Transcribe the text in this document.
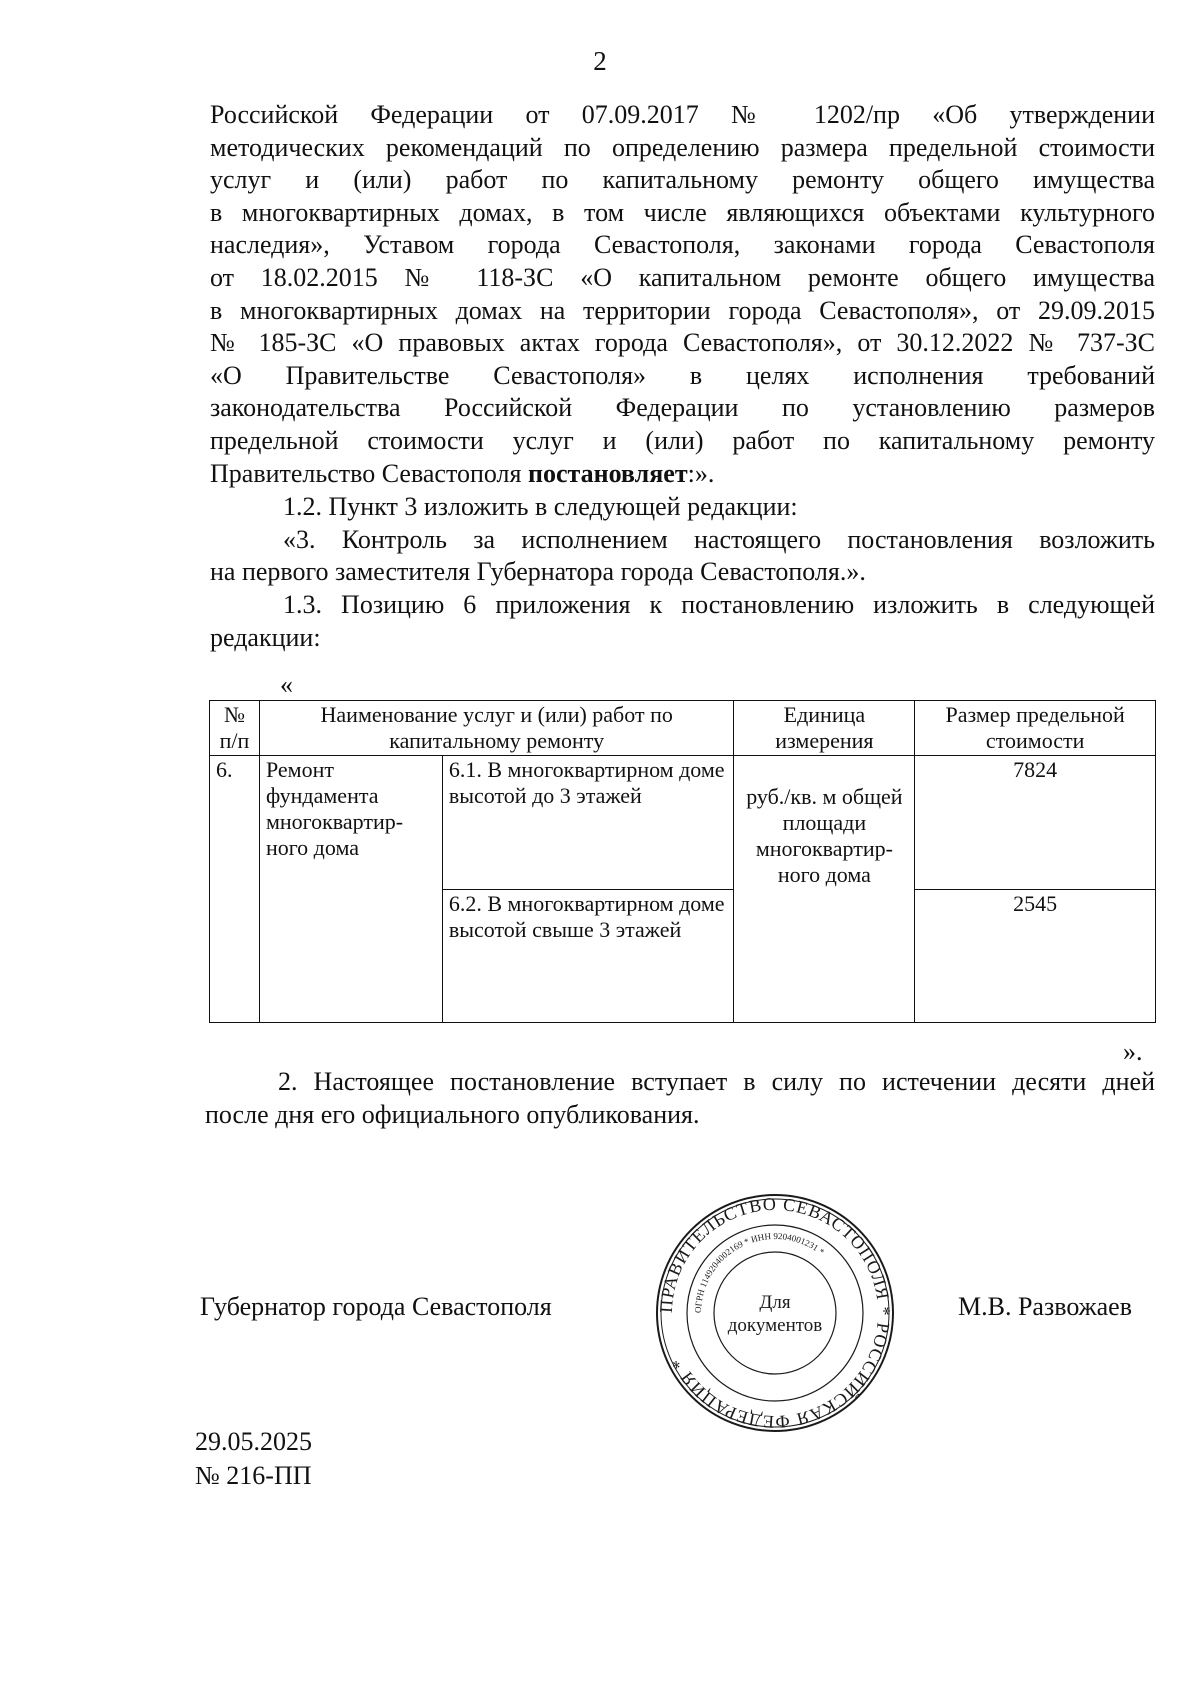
2
Российской Федерации от 07.09.2017 № 1202/пр «Об утверждении
методических рекомендаций по определению размера предельной стоимости
услуг и (или) работ по капитальному ремонту общего имущества
в многоквартирных домах, в том числе являющихся объектами культурного
наследия», Уставом города Севастополя, законами города Севастополя
от 18.02.2015 № 118-ЗС «О капитальном ремонте общего имущества
в многоквартирных домах на территории города Севастополя», от 29.09.2015
№ 185-ЗС «О правовых актах города Севастополя», от 30.12.2022 № 737-ЗС
«О Правительстве Севастополя» в целях исполнения требований
законодательства Российской Федерации по установлению размеров
предельной стоимости услуг и (или) работ по капитальному ремонту
Правительство Севастополя постановляет:».
1.2. Пункт 3 изложить в следующей редакции:
«3. Контроль за исполнением настоящего постановления возложить
на первого заместителя Губернатора города Севастополя.».
1.3. Позицию 6 приложения к постановлению изложить в следующей
редакции:
«
№ п/п	Наименование услуг и (или) работ по капитальному ремонту		Единица измерения	Размер предельной стоимости
6.	Ремонт фундамента многоквартир-ного дома	6.1. В многоквартирном доме высотой до 3 этажей	руб./кв. м общей площади многоквартир-ного дома	7824
		6.2. В многоквартирном доме высотой свыше 3 этажей		2545
».
2. Настоящее постановление вступает в силу по истечении десяти дней
после дня его официального опубликования.
Губернатор города Севастополя	М.В. Развожаев
ПРАВИТЕЛЬСТВО СЕВАСТОПОЛЯ * РОССИЙСКАЯ ФЕДЕРАЦИЯ *
ОГРН 1149204002169 * ИНН 9204001231 *
Для
документов
29.05.2025
№ 216-ПП
